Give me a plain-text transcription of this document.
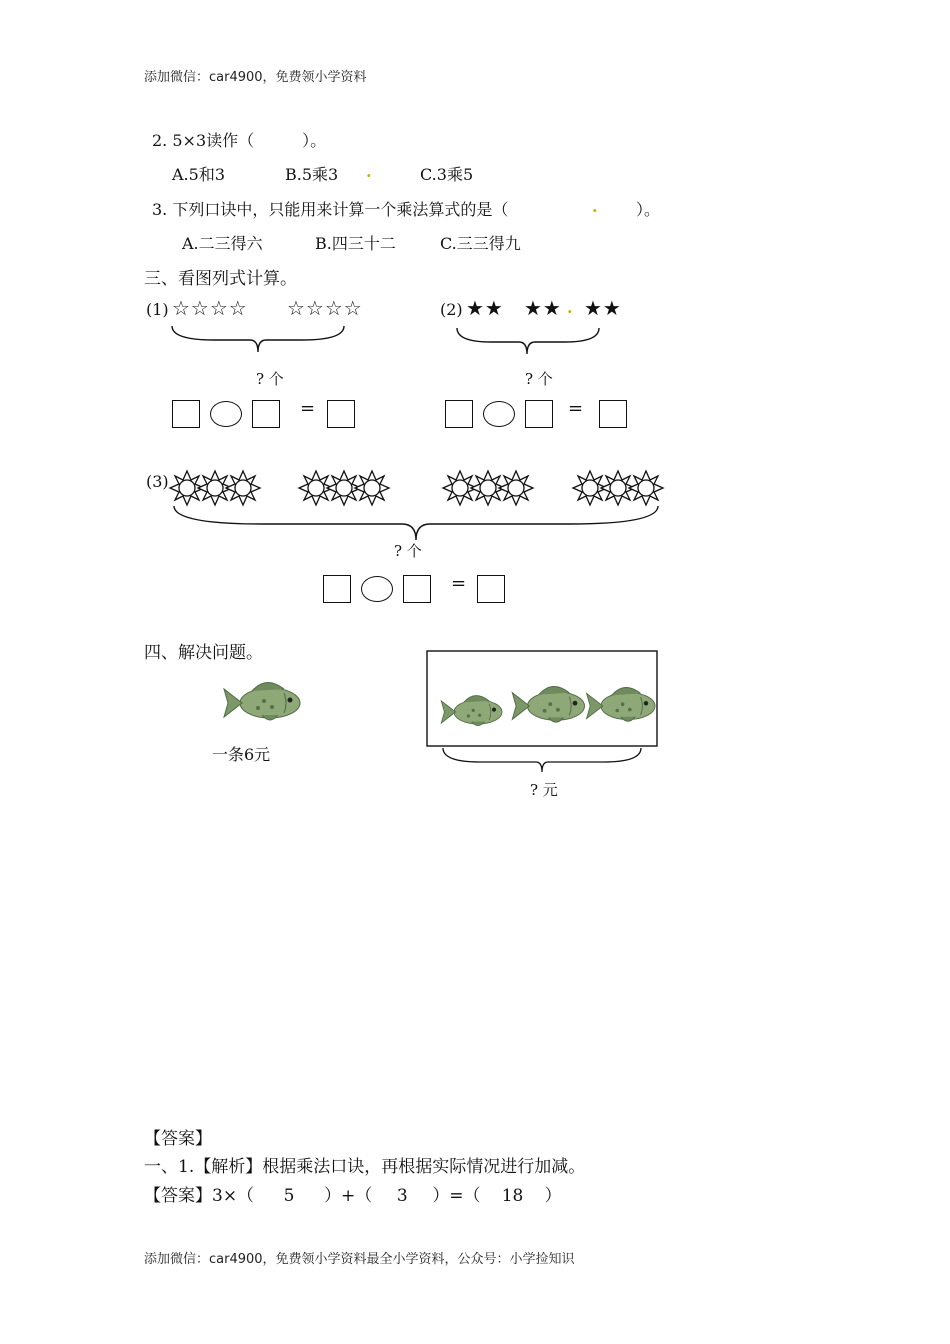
添加微信：car4900，免费领小学资料
2. 5×3读作（　　　）。
A.5和3	B.5乘3 .	C.3乘5
3. 下列口诀中，只能用来计算一个乘法算式的是（	. ）。
A.二三得六	B.四三十二	C.三三得九
三、看图列式计算。
(1) ☆☆☆☆ ☆☆☆☆
? 个
=
(2) ★★ ★★ . ★★
? 个
=
(3)
? 个
=
四、解决问题。
一条6元
? 元
【答案】
一、1.【解析】根据乘法口诀，再根据实际情况进行加减。
【答案】3×（ 5 ）+（ 3 ）=（ 18 ）
添加微信：car4900，免费领小学资料最全小学资料，公众号：小学捡知识
